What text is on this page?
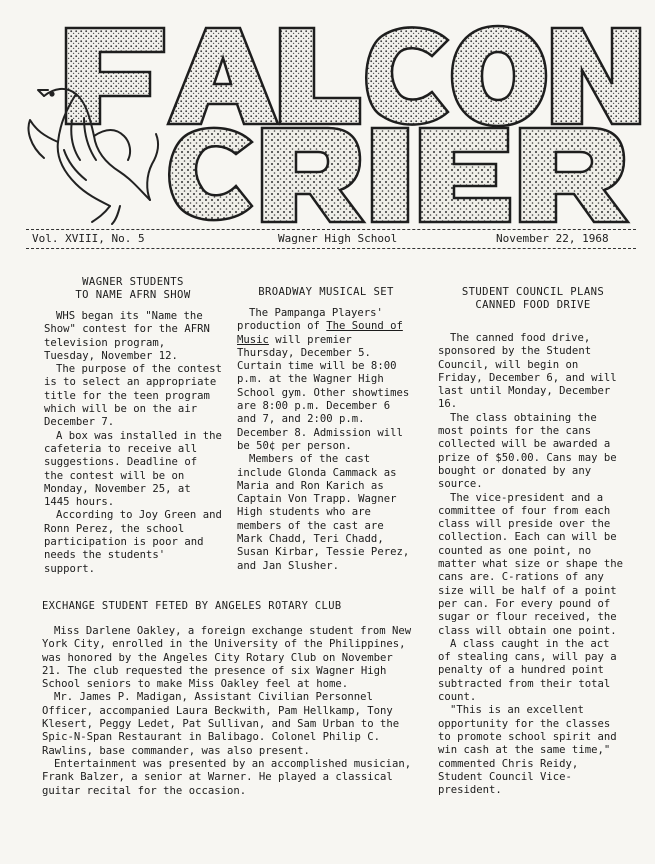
Vol. XVIII, No. 5	Wagner High School	November 22, 1968
WAGNER STUDENTS
TO NAME AFRN SHOW

WHS began its "Name the Show" contest for the AFRN television program, Tuesday, November 12.

The purpose of the contest is to select an appropriate title for the teen program which will be on the air December 7.

A box was installed in the cafeteria to receive all suggestions. Deadline of the contest will be on Monday, November 25, at 1445 hours.

According to Joy Green and Ronn Perez, the school participation is poor and needs the students' support.

BROADWAY MUSICAL SET

The Pampanga Players' production of The Sound of Music will premier Thursday, December 5. Curtain time will be 8:00 p.m. at the Wagner High School gym. Other showtimes are 8:00 p.m. December 6 and 7, and 2:00 p.m. December 8. Admission will be 50¢ per person.

Members of the cast include Glonda Cammack as Maria and Ron Karich as Captain Von Trapp. Wagner High students who are members of the cast are Mark Chadd, Teri Chadd, Susan Kirbar, Tessie Perez, and Jan Slusher.

STUDENT COUNCIL PLANS
CANNED FOOD DRIVE

The canned food drive, sponsored by the Student Council, will begin on Friday, December 6, and will last until Monday, December 16.

The class obtaining the most points for the cans collected will be awarded a prize of $50.00. Cans may be bought or donated by any source.

The vice-president and a committee of four from each class will preside over the collection. Each can will be counted as one point, no matter what size or shape the cans are. C-rations of any size will be half of a point per can. For every pound of sugar or flour received, the class will obtain one point.

A class caught in the act of stealing cans, will pay a penalty of a hundred point subtracted from their total count.

"This is an excellent opportunity for the classes to promote school spirit and win cash at the same time," commented Chris Reidy, Student Council Vice-president.

EXCHANGE STUDENT FETED BY ANGELES ROTARY CLUB

Miss Darlene Oakley, a foreign exchange student from New York City, enrolled in the University of the Philippines, was honored by the Angeles City Rotary Club on November 21. The club requested the presence of six Wagner High School seniors to make Miss Oakley feel at home.

Mr. James P. Madigan, Assistant Civilian Personnel Officer, accompanied Laura Beckwith, Pam Hellkamp, Tony Klesert, Peggy Ledet, Pat Sullivan, and Sam Urban to the Spic-N-Span Restaurant in Balibago. Colonel Philip C. Rawlins, base commander, was also present.

Entertainment was presented by an accomplished musician, Frank Balzer, a senior at Warner. He played a classical guitar recital for the occasion.
